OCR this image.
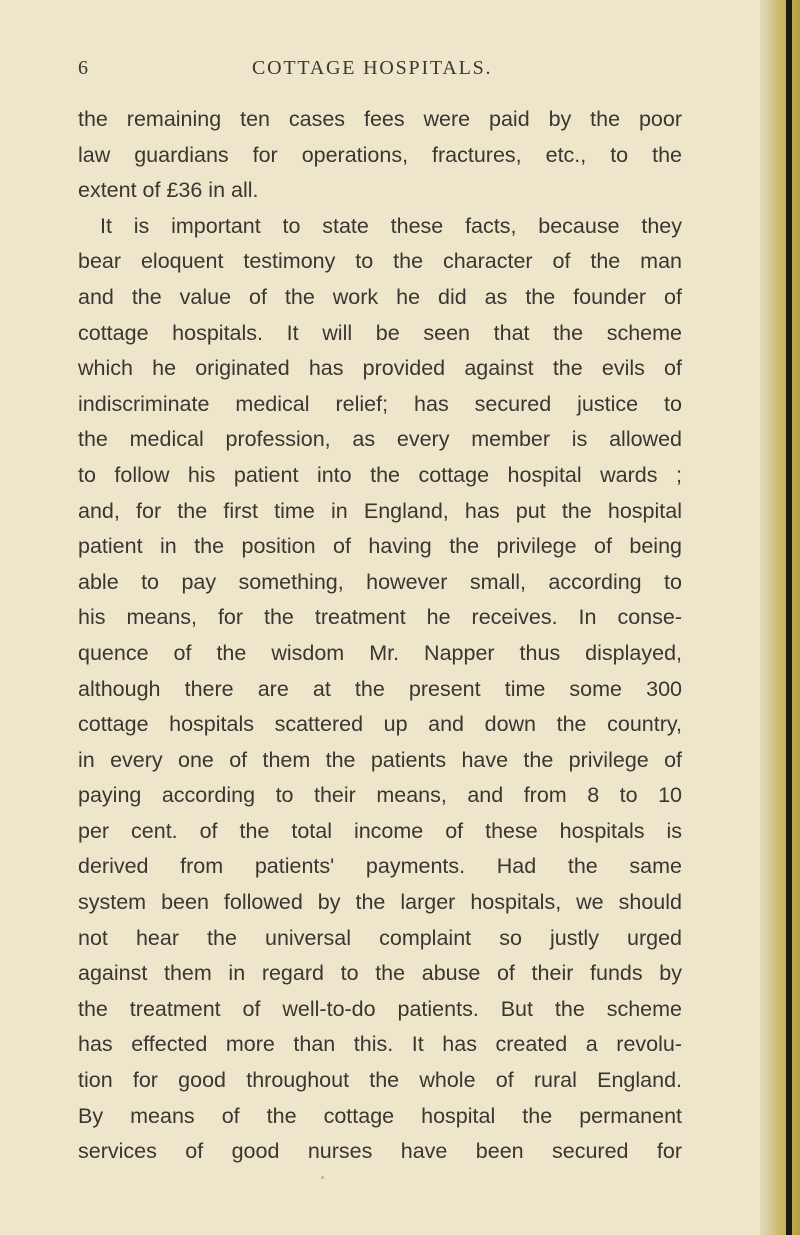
6	COTTAGE HOSPITALS.
the remaining ten cases fees were paid by the poor
law guardians for operations, fractures, etc., to the
extent of £36 in all.
It is important to state these facts, because they
bear eloquent testimony to the character of the man
and the value of the work he did as the founder of
cottage hospitals. It will be seen that the scheme
which he originated has provided against the evils of
indiscriminate medical relief; has secured justice to
the medical profession, as every member is allowed
to follow his patient into the cottage hospital wards ;
and, for the first time in England, has put the hospital
patient in the position of having the privilege of being
able to pay something, however small, according to
his means, for the treatment he receives. In conse-
quence of the wisdom Mr. Napper thus displayed,
although there are at the present time some 300
cottage hospitals scattered up and down the country,
in every one of them the patients have the privilege of
paying according to their means, and from 8 to 10
per cent. of the total income of these hospitals is
derived from patients' payments. Had the same
system been followed by the larger hospitals, we should
not hear the universal complaint so justly urged
against them in regard to the abuse of their funds by
the treatment of well-to-do patients. But the scheme
has effected more than this. It has created a revolu-
tion for good throughout the whole of rural England.
By means of the cottage hospital the permanent
services of good nurses have been secured for
